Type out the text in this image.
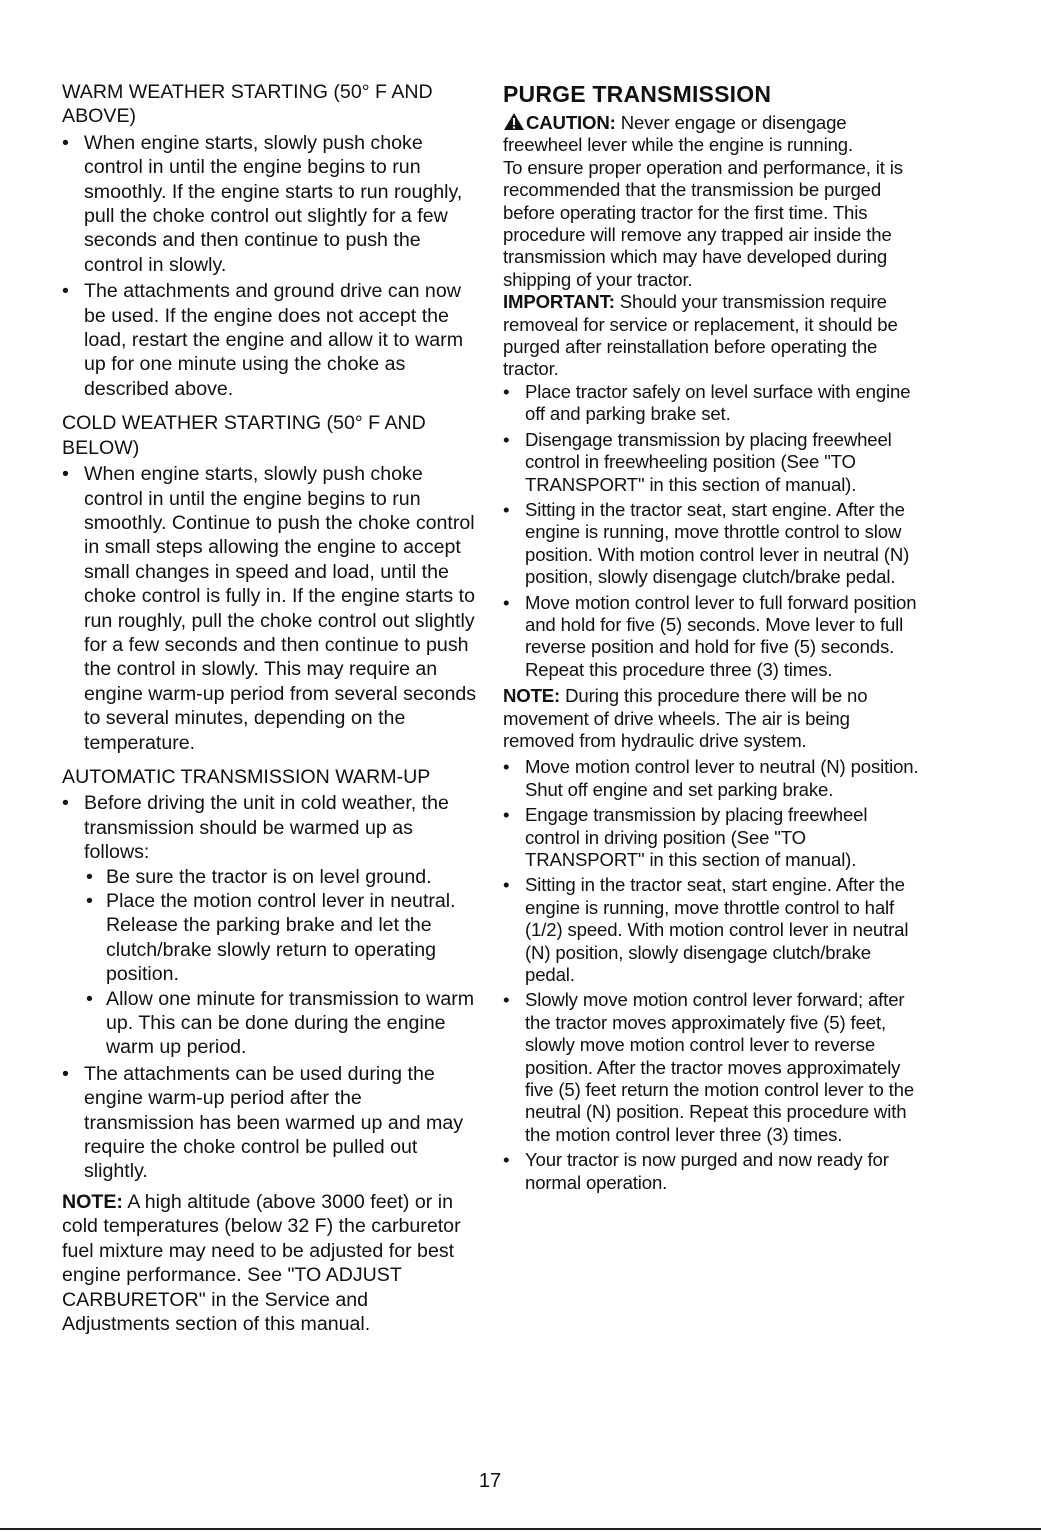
WARM WEATHER STARTING (50° F AND ABOVE)

• When engine starts, slowly push choke control in until the engine begins to run smoothly. If the engine starts to run roughly, pull the choke control out slightly for a few seconds and then continue to push the control in slowly.
• The attachments and ground drive can now be used. If the engine does not accept the load, restart the engine and allow it to warm up for one minute using the choke as described above.

COLD WEATHER STARTING (50° F AND BELOW)

• When engine starts, slowly push choke control in until the engine begins to run smoothly. Continue to push the choke control in small steps allowing the engine to accept small changes in speed and load, until the choke control is fully in. If the engine starts to run roughly, pull the choke control out slightly for a few seconds and then continue to push the control in slowly. This may require an engine warm-up period from several seconds to several minutes, depending on the temperature.

AUTOMATIC TRANSMISSION WARM-UP

• Before driving the unit in cold weather, the transmission should be warmed up as follows:
• Be sure the tractor is on level ground.
• Place the motion control lever in neutral. Release the parking brake and let the clutch/brake slowly return to operating position.
• Allow one minute for transmission to warm up. This can be done during the engine warm up period.
• The attachments can be used during the engine warm-up period after the transmission has been warmed up and may require the choke control be pulled out slightly.

NOTE: A high altitude (above 3000 feet) or in cold temperatures (below 32 F) the carburetor fuel mixture may need to be adjusted for best engine performance. See "TO ADJUST CARBURETOR" in the Service and Adjustments section of this manual.

PURGE TRANSMISSION

CAUTION: Never engage or disengage freewheel lever while the engine is running.

To ensure proper operation and performance, it is recommended that the transmission be purged before operating tractor for the first time. This procedure will remove any trapped air inside the transmission which may have developed during shipping of your tractor.

IMPORTANT: Should your transmission require removeal for service or replacement, it should be purged after reinstallation before operating the tractor.

• Place tractor safely on level surface with engine off and parking brake set.
• Disengage transmission by placing freewheel control in freewheeling position (See "TO TRANSPORT" in this section of manual).
• Sitting in the tractor seat, start engine. After the engine is running, move throttle control to slow position. With motion control lever in neutral (N) position, slowly disengage clutch/brake pedal.
• Move motion control lever to full forward position and hold for five (5) seconds. Move lever to full reverse position and hold for five (5) seconds. Repeat this procedure three (3) times.

NOTE: During this procedure there will be no movement of drive wheels. The air is being removed from hydraulic drive system.

• Move motion control lever to neutral (N) position. Shut off engine and set parking brake.
• Engage transmission by placing freewheel control in driving position (See "TO TRANSPORT" in this section of manual).
• Sitting in the tractor seat, start engine. After the engine is running, move throttle control to half (1/2) speed. With motion control lever in neutral (N) position, slowly disengage clutch/brake pedal.
• Slowly move motion control lever forward; after the tractor moves approximately five (5) feet, slowly move motion control lever to reverse position. After the tractor moves approximately five (5) feet return the motion control lever to the neutral (N) position. Repeat this procedure with the motion control lever three (3) times.
• Your tractor is now purged and now ready for normal operation.
17
